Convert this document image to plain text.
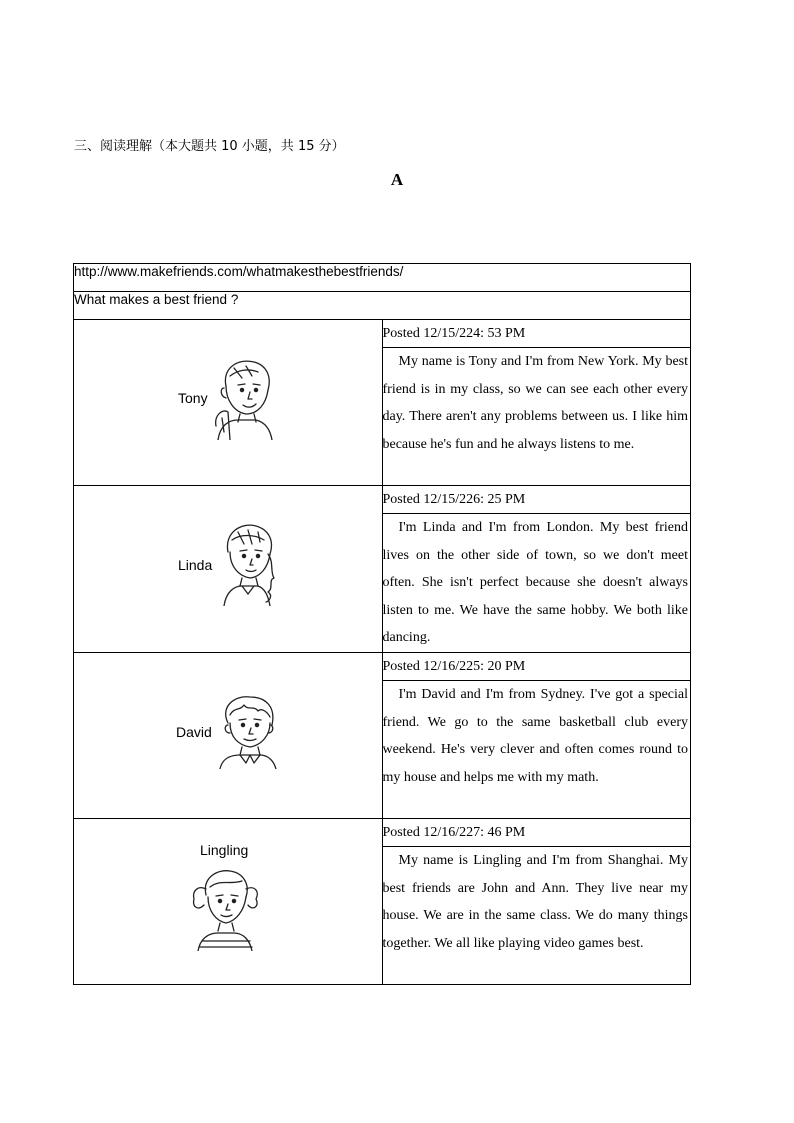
三、阅读理解（本大题共 10 小题，共 15 分）
A
http://www.makefriends.com/whatmakesthebestfriends/	
What makes a best friend ?	

Tony	Posted 12/15/224: 53 PM
My name is Tony and I'm from New York. My best friend is in my class, so we can see each other every day. There aren't any problems between us. I like him because he's fun and he always listens to me.

Linda	Posted 12/15/226: 25 PM
I'm Linda and I'm from London. My best friend lives on the other side of town, so we don't meet often. She isn't perfect because she doesn't always listen to me. We have the same hobby. We both like dancing.

David	Posted 12/16/225: 20 PM
I'm David and I'm from Sydney. I've got a special friend. We go to the same basketball club every weekend. He's very clever and often comes round to my house and helps me with my math.

Lingling	Posted 12/16/227: 46 PM
My name is Lingling and I'm from Shanghai. My best friends are John and Ann. They live near my house. We are in the same class. We do many things together. We all like playing video games best.
